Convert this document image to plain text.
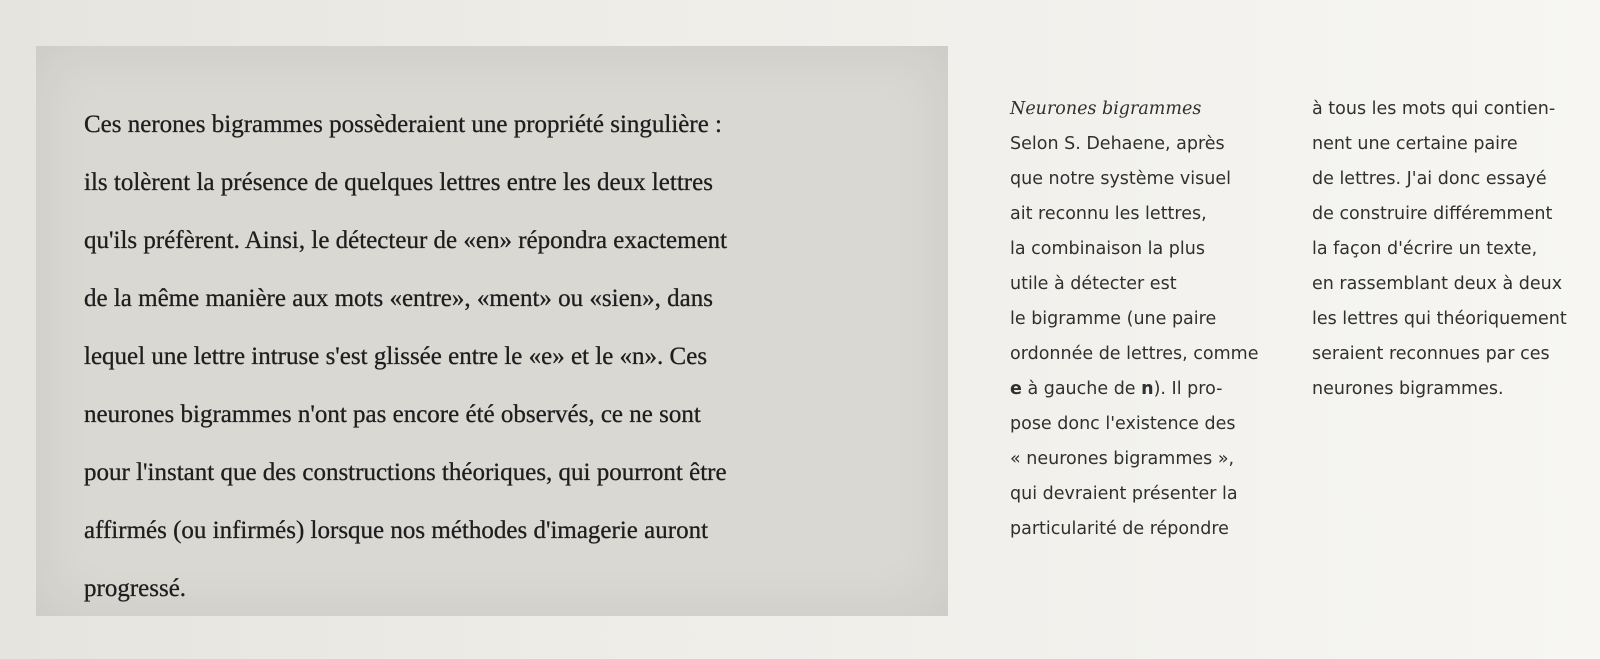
Ces nerones bigrammes possèderaient une propriété singulière :

ils tolèrent la présence de quelques lettres entre les deux lettres

qu'ils préfèrent. Ainsi, le détecteur de «en» répondra exactement

de la même manière aux mots «entre», «ment» ou «sien», dans

lequel une lettre intruse s'est glissée entre le «e» et le «n». Ces

neurones bigrammes n'ont pas encore été observés, ce ne sont

pour l'instant que des constructions théoriques, qui pourront être

affirmés (ou infirmés) lorsque nos méthodes d'imagerie auront

progressé.

Neurones bigrammes

Selon S. Dehaene, après

que notre système visuel

ait reconnu les lettres,

la combinaison la plus

utile à détecter est

le bigramme (une paire

ordonnée de lettres, comme

e à gauche de n). Il pro-

pose donc l'existence des

« neurones bigrammes »,

qui devraient présenter la

particularité de répondre

à tous les mots qui contien-

nent une certaine paire

de lettres. J'ai donc essayé

de construire différemment

la façon d'écrire un texte,

en rassemblant deux à deux

les lettres qui théoriquement

seraient reconnues par ces

neurones bigrammes.
